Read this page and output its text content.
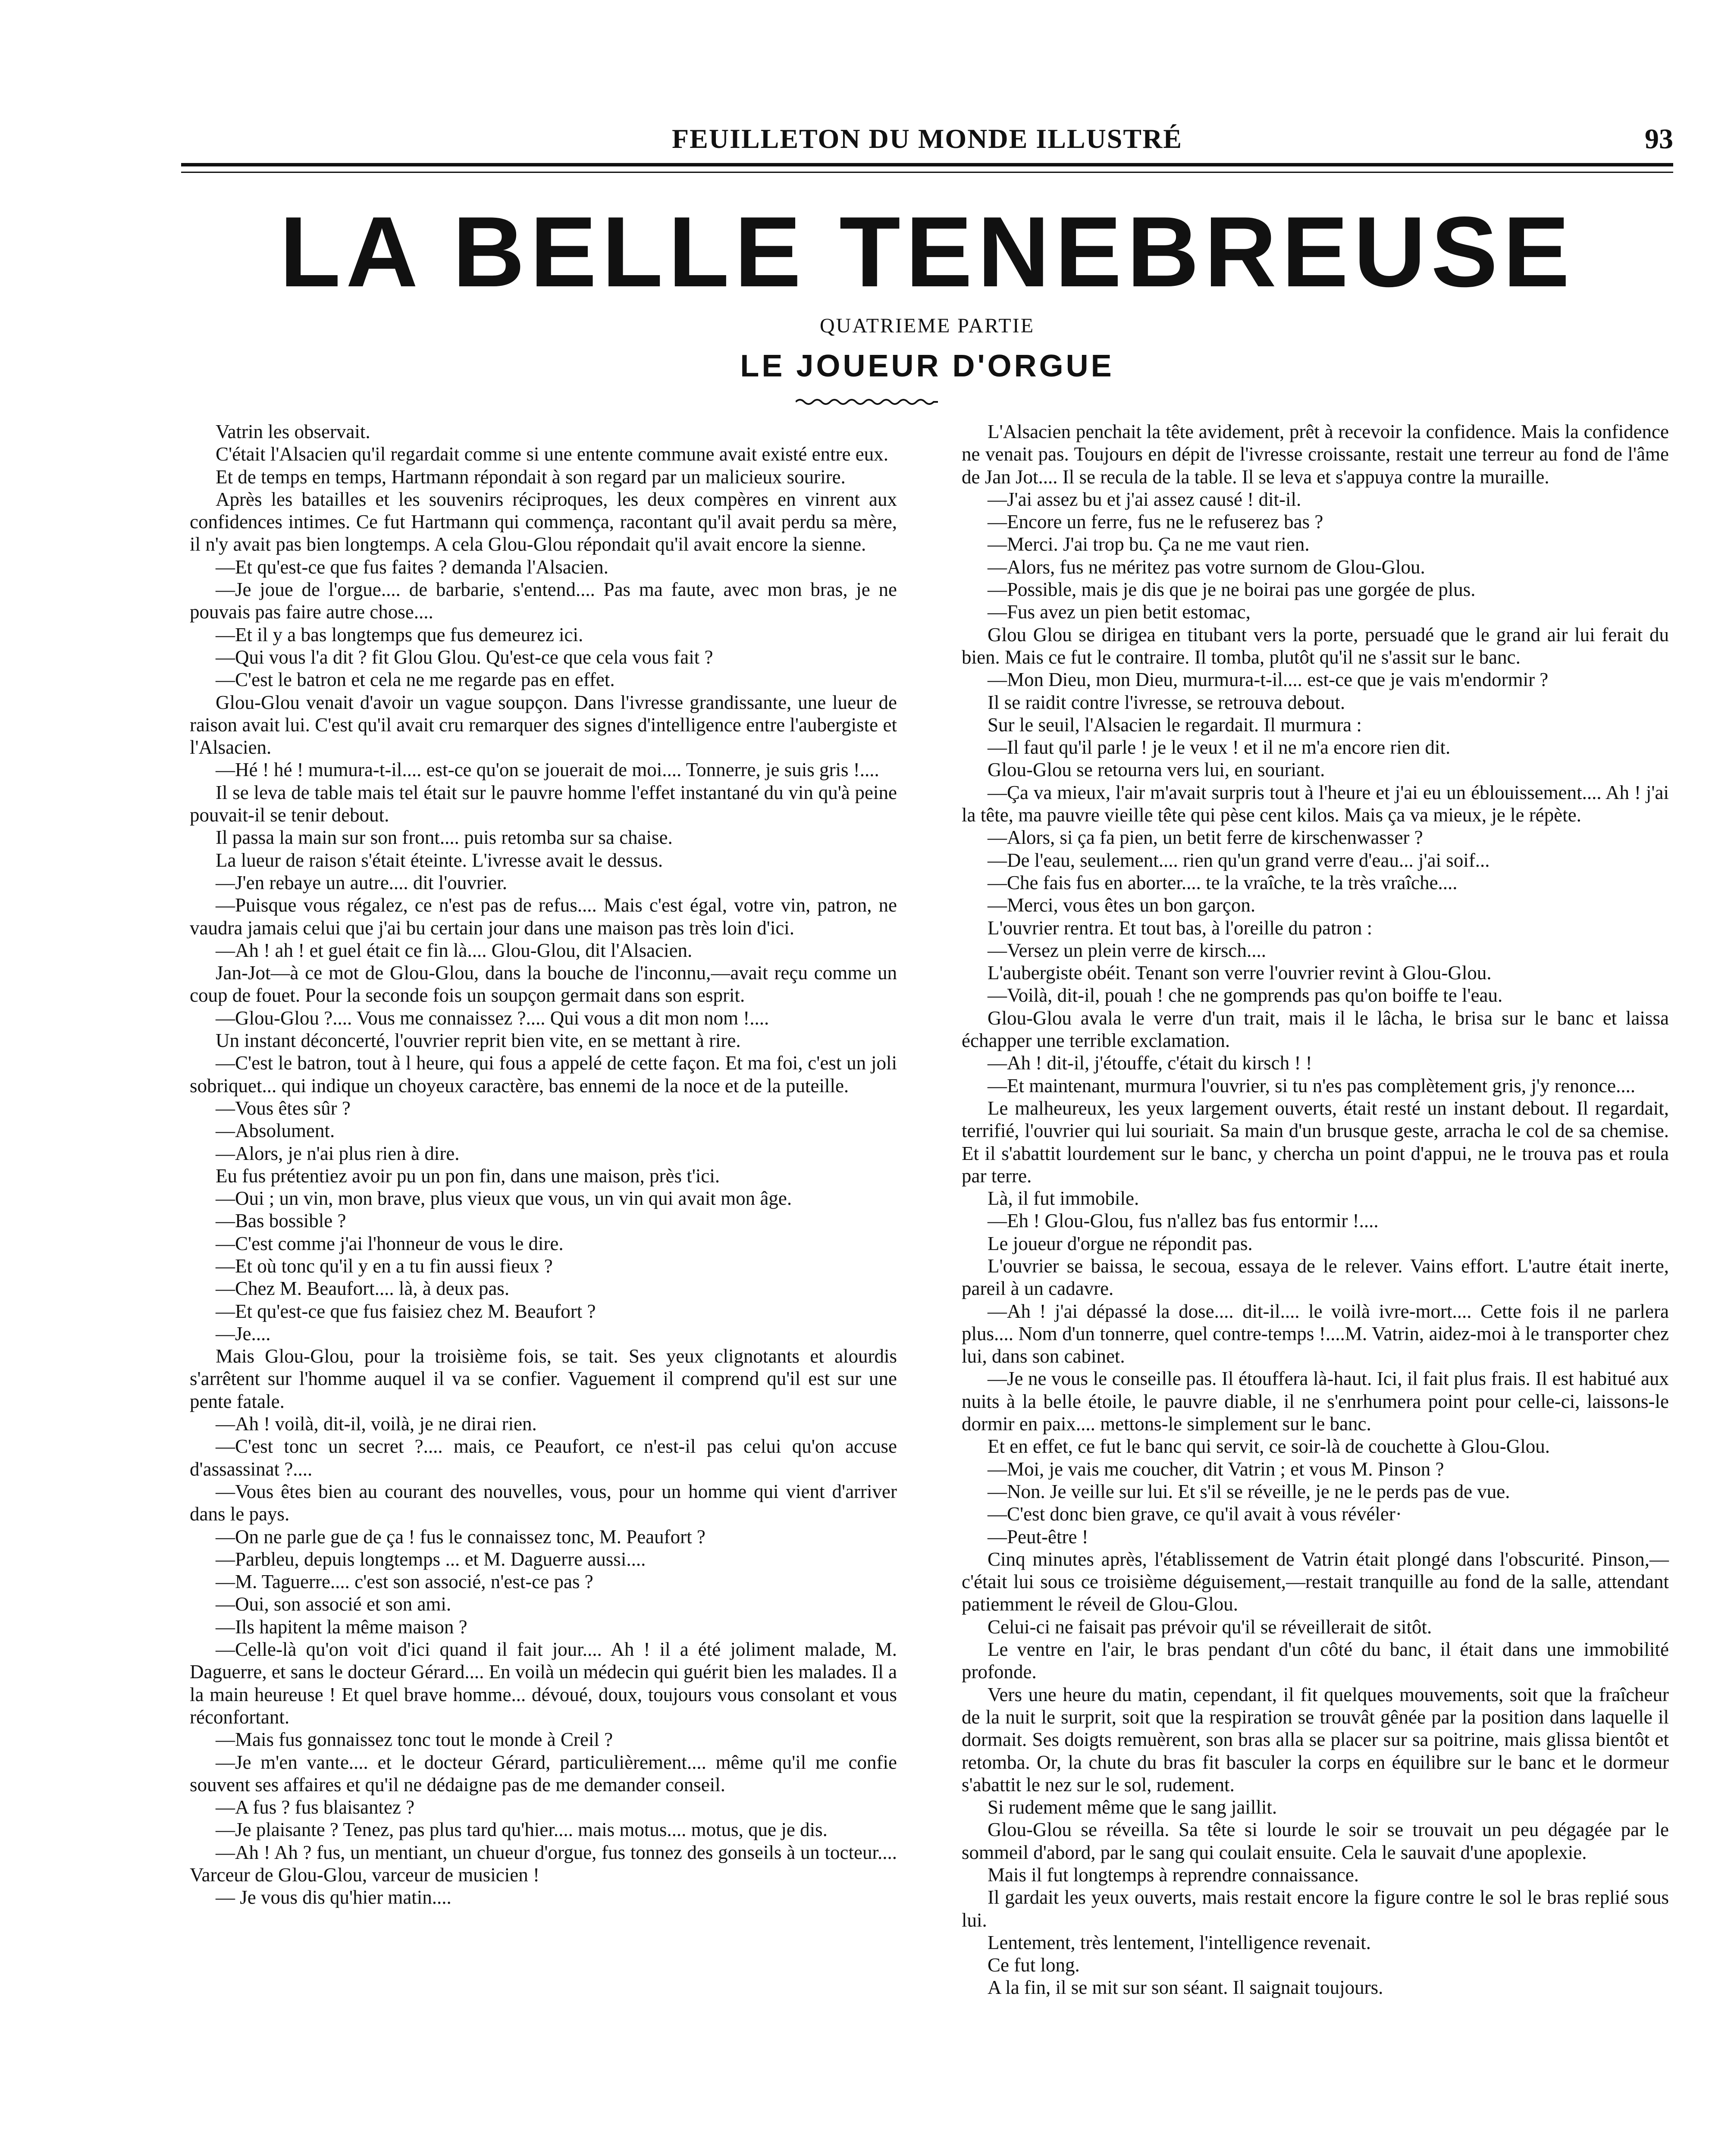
FEUILLETON DU MONDE ILLUSTRÉ	93
LA BELLE TENEBREUSE
QUATRIEME PARTIE
LE JOUEUR D'ORGUE

Vatrin les observait.

C'était l'Alsacien qu'il regardait comme si une entente commune avait existé entre eux.

Et de temps en temps, Hartmann répondait à son regard par un malicieux sourire.

Après les batailles et les souvenirs réciproques, les deux compères en vinrent aux confidences intimes. Ce fut Hartmann qui commença, racontant qu'il avait perdu sa mère, il n'y avait pas bien longtemps. A cela Glou-Glou répondait qu'il avait encore la sienne.

—Et qu'est-ce que fus faites ? demanda l'Alsacien.

—Je joue de l'orgue.... de barbarie, s'entend.... Pas ma faute, avec mon bras, je ne pouvais pas faire autre chose....

—Et il y a bas longtemps que fus demeurez ici.

—Qui vous l'a dit ? fit Glou Glou. Qu'est-ce que cela vous fait ?

—C'est le batron et cela ne me regarde pas en effet.

Glou-Glou venait d'avoir un vague soupçon. Dans l'ivresse grandissante, une lueur de raison avait lui. C'est qu'il avait cru remarquer des signes d'intelligence entre l'aubergiste et l'Alsacien.

—Hé ! hé ! mumura-t-il.... est-ce qu'on se jouerait de moi.... Tonnerre, je suis gris !....

Il se leva de table mais tel était sur le pauvre homme l'effet instantané du vin qu'à peine pouvait-il se tenir debout.

Il passa la main sur son front.... puis retomba sur sa chaise.

La lueur de raison s'était éteinte. L'ivresse avait le dessus.

—J'en rebaye un autre.... dit l'ouvrier.

—Puisque vous régalez, ce n'est pas de refus.... Mais c'est égal, votre vin, patron, ne vaudra jamais celui que j'ai bu certain jour dans une maison pas très loin d'ici.

—Ah ! ah ! et guel était ce fin là.... Glou-Glou, dit l'Alsacien.

Jan-Jot—à ce mot de Glou-Glou, dans la bouche de l'inconnu,—avait reçu comme un coup de fouet. Pour la seconde fois un soupçon germait dans son esprit.

—Glou-Glou ?.... Vous me connaissez ?.... Qui vous a dit mon nom !....

Un instant déconcerté, l'ouvrier reprit bien vite, en se mettant à rire.

—C'est le batron, tout à l heure, qui fous a appelé de cette façon. Et ma foi, c'est un joli sobriquet... qui indique un choyeux caractère, bas ennemi de la noce et de la puteille.

—Vous êtes sûr ?

—Absolument.

—Alors, je n'ai plus rien à dire.

Eu fus prétentiez avoir pu un pon fin, dans une maison, près t'ici.

—Oui ; un vin, mon brave, plus vieux que vous, un vin qui avait mon âge.

—Bas bossible ?

—C'est comme j'ai l'honneur de vous le dire.

—Et où tonc qu'il y en a tu fin aussi fieux ?

—Chez M. Beaufort.... là, à deux pas.

—Et qu'est-ce que fus faisiez chez M. Beaufort ?

—Je....

Mais Glou-Glou, pour la troisième fois, se tait. Ses yeux clignotants et alourdis s'arrêtent sur l'homme auquel il va se confier. Vaguement il comprend qu'il est sur une pente fatale.

—Ah ! voilà, dit-il, voilà, je ne dirai rien.

—C'est tonc un secret ?.... mais, ce Peaufort, ce n'est-il pas celui qu'on accuse d'assassinat ?....

—Vous êtes bien au courant des nouvelles, vous, pour un homme qui vient d'arriver dans le pays.

—On ne parle gue de ça ! fus le connaissez tonc, M. Peaufort ?

—Parbleu, depuis longtemps ... et M. Daguerre aussi....

—M. Taguerre.... c'est son associé, n'est-ce pas ?

—Oui, son associé et son ami.

—Ils hapitent la même maison ?

—Celle-là qu'on voit d'ici quand il fait jour.... Ah ! il a été joliment malade, M. Daguerre, et sans le docteur Gérard.... En voilà un médecin qui guérit bien les malades. Il a la main heureuse ! Et quel brave homme... dévoué, doux, toujours vous consolant et vous réconfortant.

—Mais fus gonnaissez tonc tout le monde à Creil ?

—Je m'en vante.... et le docteur Gérard, particulièrement.... même qu'il me confie souvent ses affaires et qu'il ne dédaigne pas de me demander conseil.

—A fus ? fus blaisantez ?

—Je plaisante ? Tenez, pas plus tard qu'hier.... mais motus.... motus, que je dis.

—Ah ! Ah ? fus, un mentiant, un chueur d'orgue, fus tonnez des gonseils à un tocteur.... Varceur de Glou-Glou, varceur de musicien !

— Je vous dis qu'hier matin....

L'Alsacien penchait la tête avidement, prêt à recevoir la confidence. Mais la confidence ne venait pas. Toujours en dépit de l'ivresse croissante, restait une terreur au fond de l'âme de Jan Jot.... Il se recula de la table. Il se leva et s'appuya contre la muraille.

—J'ai assez bu et j'ai assez causé ! dit-il.

—Encore un ferre, fus ne le refuserez bas ?

—Merci. J'ai trop bu. Ça ne me vaut rien.

—Alors, fus ne méritez pas votre surnom de Glou-Glou.

—Possible, mais je dis que je ne boirai pas une gorgée de plus.

—Fus avez un pien betit estomac,

Glou Glou se dirigea en titubant vers la porte, persuadé que le grand air lui ferait du bien. Mais ce fut le contraire. Il tomba, plutôt qu'il ne s'assit sur le banc.

—Mon Dieu, mon Dieu, murmura-t-il.... est-ce que je vais m'endormir ?

Il se raidit contre l'ivresse, se retrouva debout.

Sur le seuil, l'Alsacien le regardait. Il murmura :

—Il faut qu'il parle ! je le veux ! et il ne m'a encore rien dit.

Glou-Glou se retourna vers lui, en souriant.

—Ça va mieux, l'air m'avait surpris tout à l'heure et j'ai eu un éblouissement.... Ah ! j'ai la tête, ma pauvre vieille tête qui pèse cent kilos. Mais ça va mieux, je le répète.

—Alors, si ça fa pien, un betit ferre de kirschenwasser ?

—De l'eau, seulement.... rien qu'un grand verre d'eau... j'ai soif...

—Che fais fus en aborter.... te la vraîche, te la très vraîche....

—Merci, vous êtes un bon garçon.

L'ouvrier rentra. Et tout bas, à l'oreille du patron :

—Versez un plein verre de kirsch....

L'aubergiste obéit. Tenant son verre l'ouvrier revint à Glou-Glou.

—Voilà, dit-il, pouah ! che ne gomprends pas qu'on boiffe te l'eau.

Glou-Glou avala le verre d'un trait, mais il le lâcha, le brisa sur le banc et laissa échapper une terrible exclamation.

—Ah ! dit-il, j'étouffe, c'était du kirsch ! !

—Et maintenant, murmura l'ouvrier, si tu n'es pas complètement gris, j'y renonce....

Le malheureux, les yeux largement ouverts, était resté un instant debout. Il regardait, terrifié, l'ouvrier qui lui souriait. Sa main d'un brusque geste, arracha le col de sa chemise. Et il s'abattit lourdement sur le banc, y chercha un point d'appui, ne le trouva pas et roula par terre.

Là, il fut immobile.

—Eh ! Glou-Glou, fus n'allez bas fus entormir !....

Le joueur d'orgue ne répondit pas.

L'ouvrier se baissa, le secoua, essaya de le relever. Vains effort. L'autre était inerte, pareil à un cadavre.

—Ah ! j'ai dépassé la dose.... dit-il.... le voilà ivre-mort.... Cette fois il ne parlera plus.... Nom d'un tonnerre, quel contre-temps !....M. Vatrin, aidez-moi à le transporter chez lui, dans son cabinet.

—Je ne vous le conseille pas. Il étouffera là-haut. Ici, il fait plus frais. Il est habitué aux nuits à la belle étoile, le pauvre diable, il ne s'enrhumera point pour celle-ci, laissons-le dormir en paix.... mettons-le simplement sur le banc.

Et en effet, ce fut le banc qui servit, ce soir-là de couchette à Glou-Glou.

—Moi, je vais me coucher, dit Vatrin ; et vous M. Pinson ?

—Non. Je veille sur lui. Et s'il se réveille, je ne le perds pas de vue.

—C'est donc bien grave, ce qu'il avait à vous révéler·

—Peut-être !

Cinq minutes après, l'établissement de Vatrin était plongé dans l'obscurité. Pinson,—c'était lui sous ce troisième déguisement,—restait tranquille au fond de la salle, attendant patiemment le réveil de Glou-Glou.

Celui-ci ne faisait pas prévoir qu'il se réveillerait de sitôt.

Le ventre en l'air, le bras pendant d'un côté du banc, il était dans une immobilité profonde.

Vers une heure du matin, cependant, il fit quelques mouvements, soit que la fraîcheur de la nuit le surprit, soit que la respiration se trouvât gênée par la position dans laquelle il dormait. Ses doigts remuèrent, son bras alla se placer sur sa poitrine, mais glissa bientôt et retomba. Or, la chute du bras fit basculer la corps en équilibre sur le banc et le dormeur s'abattit le nez sur le sol, rudement.

Si rudement même que le sang jaillit.

Glou-Glou se réveilla. Sa tête si lourde le soir se trouvait un peu dégagée par le sommeil d'abord, par le sang qui coulait ensuite. Cela le sauvait d'une apoplexie.

Mais il fut longtemps à reprendre connaissance.

Il gardait les yeux ouverts, mais restait encore la figure contre le sol le bras replié sous lui.

Lentement, très lentement, l'intelligence revenait.

Ce fut long.

A la fin, il se mit sur son séant. Il saignait toujours.
